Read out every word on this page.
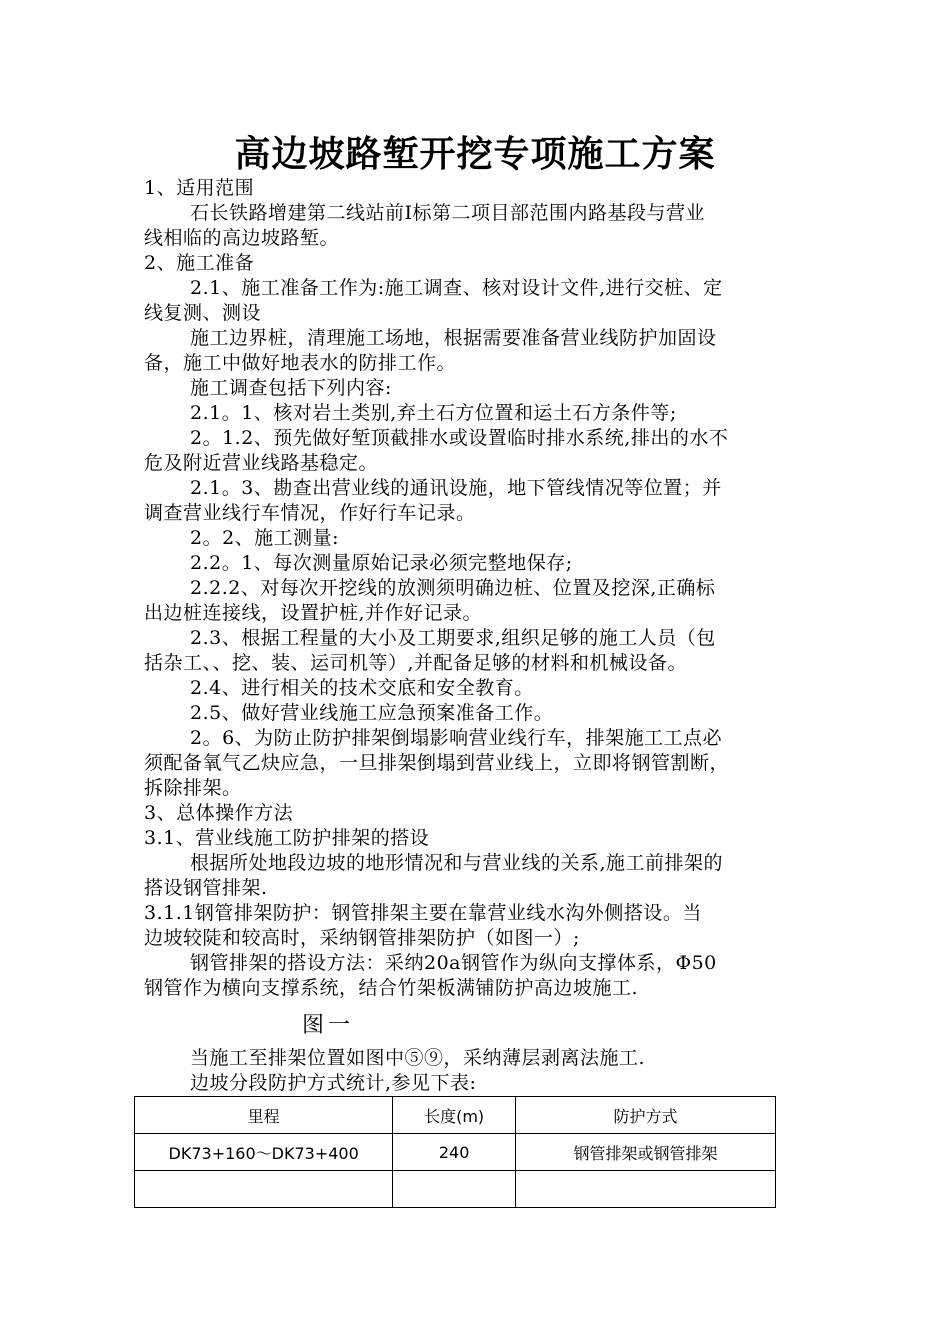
高边坡路堑开挖专项施工方案

1、适用范围

石长铁路增建第二线站前Ⅰ标第二项目部范围内路基段与营业

线相临的高边坡路堑。

2、施工准备

2.1、施工准备工作为:施工调查、核对设计文件,进行交桩、定

线复测、测设

施工边界桩，清理施工场地，根据需要准备营业线防护加固设

备，施工中做好地表水的防排工作。

施工调查包括下列内容:

2.1。1、核对岩土类别,弃土石方位置和运土石方条件等;

2。1.2、预先做好堑顶截排水或设置临时排水系统,排出的水不

危及附近营业线路基稳定。

2.1。3、勘查出营业线的通讯设施，地下管线情况等位置；并

调查营业线行车情况，作好行车记录。

2。2、施工测量:

2.2。1、每次测量原始记录必须完整地保存;

2.2.2、对每次开挖线的放测须明确边桩、位置及挖深,正确标

出边桩连接线，设置护桩,并作好记录。

2.3、根据工程量的大小及工期要求,组织足够的施工人员（包

括杂工、、挖、装、运司机等）,并配备足够的材料和机械设备。

2.4、进行相关的技术交底和安全教育。

2.5、做好营业线施工应急预案准备工作。

2。6、为防止防护排架倒塌影响营业线行车，排架施工工点必

须配备氧气乙炔应急，一旦排架倒塌到营业线上，立即将钢管割断，

拆除排架。

3、总体操作方法

3.1、营业线施工防护排架的搭设

根据所处地段边坡的地形情况和与营业线的关系,施工前排架的

搭设钢管排架.

3.1.1钢管排架防护：钢管排架主要在靠营业线水沟外侧搭设。当

边坡较陡和较高时，采纳钢管排架防护（如图一）;

钢管排架的搭设方法：采纳20a钢管作为纵向支撑体系，Φ50

钢管作为横向支撑系统，结合竹架板满铺防护高边坡施工.

图一

当施工至排架位置如图中⑤⑨，采纳薄层剥离法施工.

边坡分段防护方式统计,参见下表:

里程	长度(m)	防护方式
DK73+160～DK73+400	240	钢管排架或钢管排架
